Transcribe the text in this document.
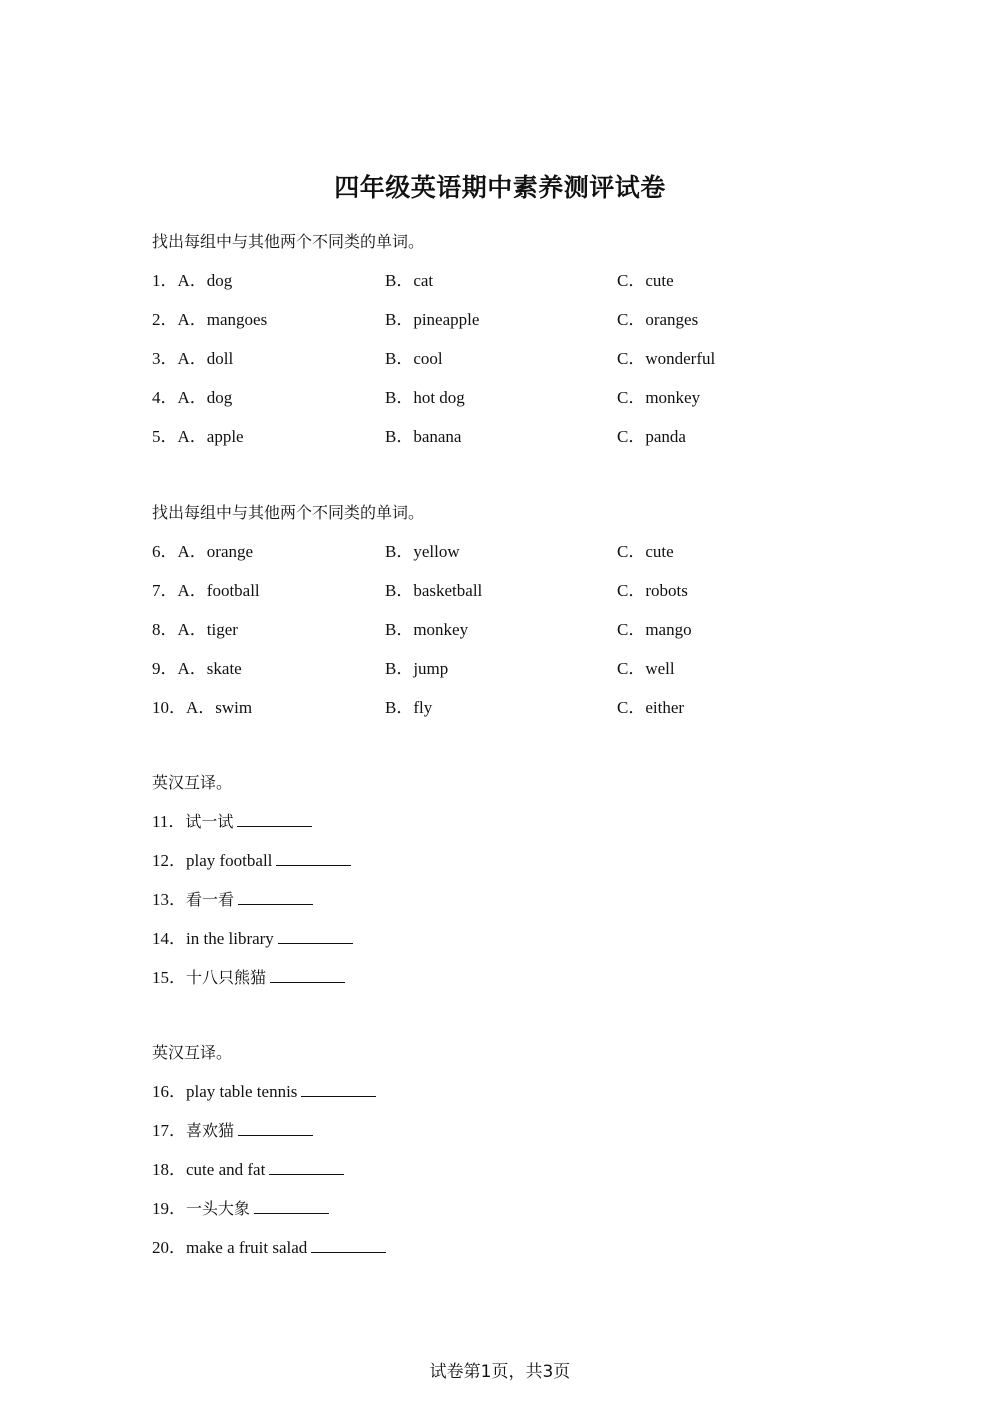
四年级英语期中素养测评试卷
找出每组中与其他两个不同类的单词。
1．A．dog	B．cat	C．cute
2．A．mangoes	B．pineapple	C．oranges
3．A．doll	B．cool	C．wonderful
4．A．dog	B．hot dog	C．monkey
5．A．apple	B．banana	C．panda
找出每组中与其他两个不同类的单词。
6．A．orange	B．yellow	C．cute
7．A．football	B．basketball	C．robots
8．A．tiger	B．monkey	C．mango
9．A．skate	B．jump	C．well
10．A．swim	B．fly	C．either
英汉互译。
11．试一试
12．play football
13．看一看
14．in the library
15．十八只熊猫
英汉互译。
16．play table tennis
17．喜欢猫
18．cute and fat
19．一头大象
20．make a fruit salad
试卷第1页，共3页
